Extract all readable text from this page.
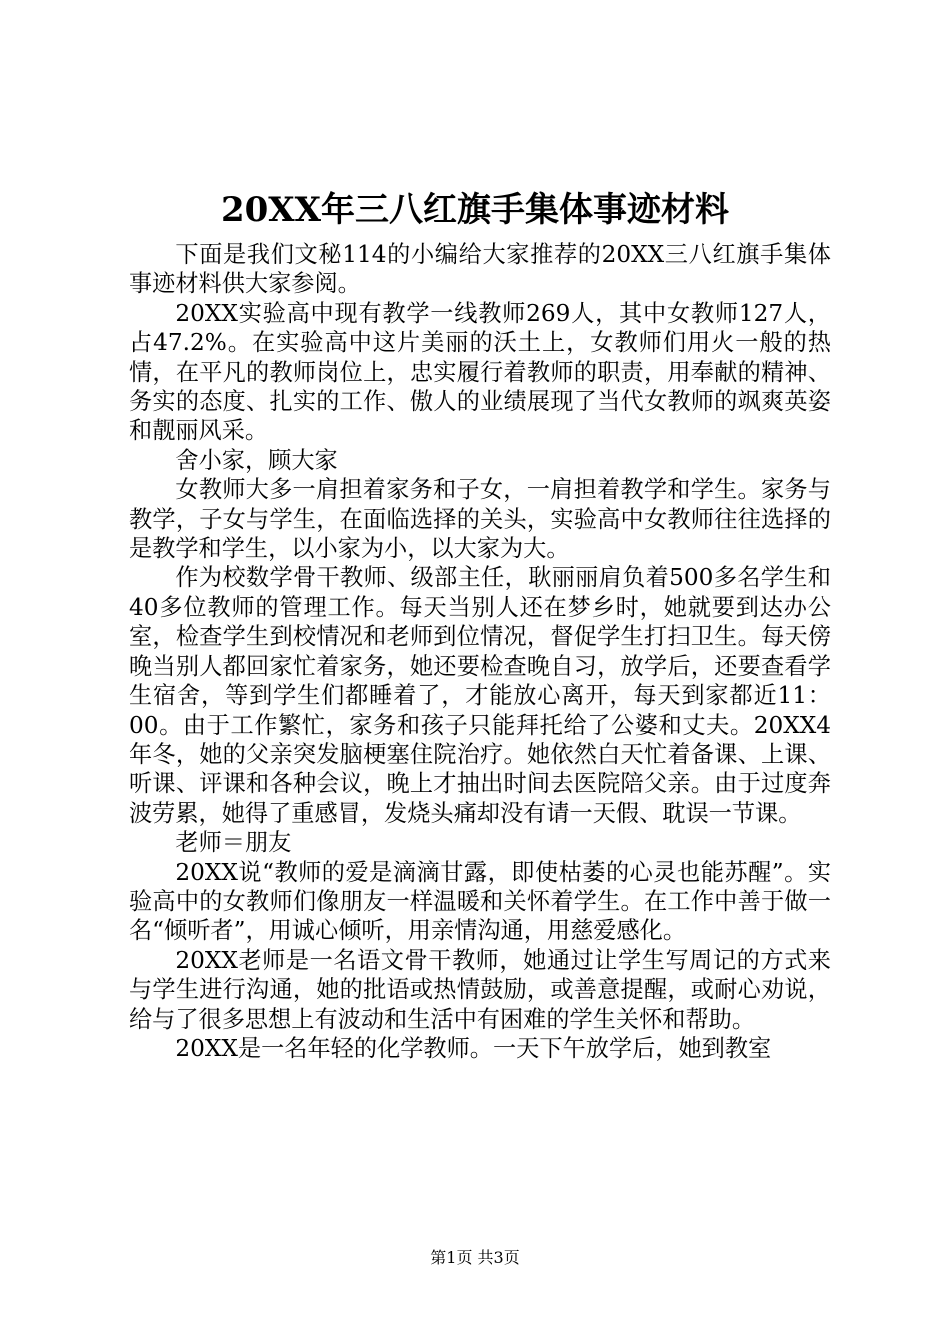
20XX年三八红旗手集体事迹材料

下面是我们文秘114的小编给大家推荐的20XX三八红旗手集体事迹材料供大家参阅。

20XX实验高中现有教学一线教师269人，其中女教师127人，占47.2%。在实验高中这片美丽的沃土上，女教师们用火一般的热情，在平凡的教师岗位上，忠实履行着教师的职责，用奉献的精神、务实的态度、扎实的工作、傲人的业绩展现了当代女教师的飒爽英姿和靓丽风采。

舍小家，顾大家

女教师大多一肩担着家务和子女，一肩担着教学和学生。家务与教学，子女与学生，在面临选择的关头，实验高中女教师往往选择的是教学和学生，以小家为小，以大家为大。

作为校数学骨干教师、级部主任，耿丽丽肩负着500多名学生和40多位教师的管理工作。每天当别人还在梦乡时，她就要到达办公室，检查学生到校情况和老师到位情况，督促学生打扫卫生。每天傍晚当别人都回家忙着家务，她还要检查晚自习，放学后，还要查看学生宿舍，等到学生们都睡着了，才能放心离开，每天到家都近11：00。由于工作繁忙，家务和孩子只能拜托给了公婆和丈夫。20XX4年冬，她的父亲突发脑梗塞住院治疗。她依然白天忙着备课、上课、听课、评课和各种会议，晚上才抽出时间去医院陪父亲。由于过度奔波劳累，她得了重感冒，发烧头痛却没有请一天假、耽误一节课。

老师＝朋友

20XX说“教师的爱是滴滴甘露，即使枯萎的心灵也能苏醒”。实验高中的女教师们像朋友一样温暖和关怀着学生。在工作中善于做一名“倾听者”，用诚心倾听，用亲情沟通，用慈爱感化。

20XX老师是一名语文骨干教师，她通过让学生写周记的方式来与学生进行沟通，她的批语或热情鼓励，或善意提醒，或耐心劝说，给与了很多思想上有波动和生活中有困难的学生关怀和帮助。

20XX是一名年轻的化学教师。一天下午放学后，她到教室

第1页 共3页
